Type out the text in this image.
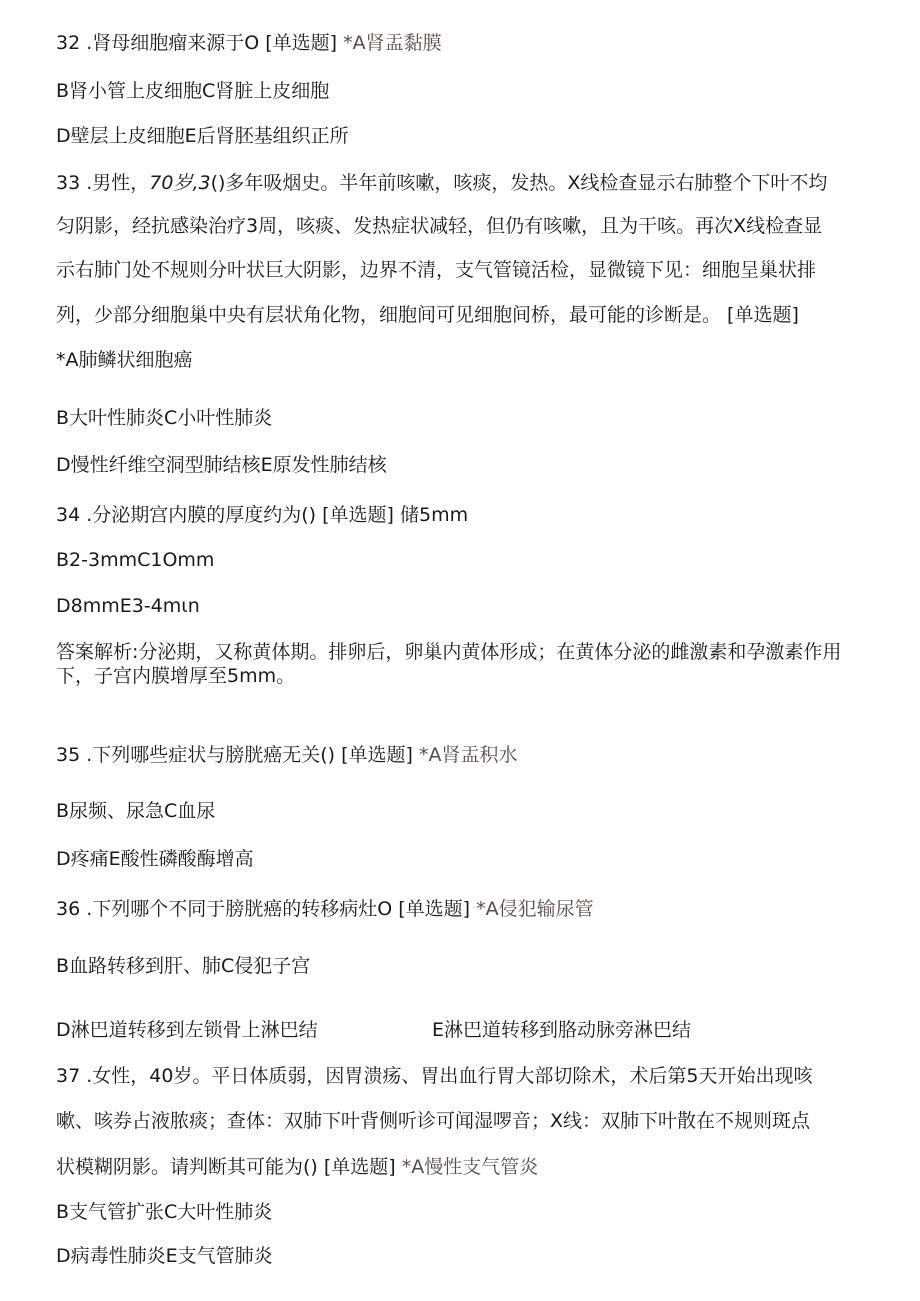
32 .肾母细胞瘤来源于O [单选题] *A肾盂黏膜
B肾小管上皮细胞C肾脏上皮细胞
D壁层上皮细胞E后肾胚基组织正所
33 .男性，70岁,3()多年吸烟史。半年前咳嗽，咳痰，发热。X线检查显示右肺整个下叶不均
匀阴影，经抗感染治疗3周，咳痰、发热症状减轻，但仍有咳嗽，且为干咳。再次X线检查显
示右肺门处不规则分叶状巨大阴影，边界不清，支气管镜活检，显微镜下见：细胞呈巢状排
列，少部分细胞巢中央有层状角化物，细胞间可见细胞间桥，最可能的诊断是。 [单选题]
*A肺鳞状细胞癌
B大叶性肺炎C小叶性肺炎
D慢性纤维空洞型肺结核E原发性肺结核
34 .分泌期宫内膜的厚度约为() [单选题] 储5mm
B2-3mmC1Omm
D8mmE3-4mιn
答案解析:分泌期，又称黄体期。排卵后，卵巢内黄体形成；在黄体分泌的雌激素和孕激素作用下，子宫内膜增厚至5mm。
35 .下列哪些症状与膀胱癌无关() [单选题] *A肾盂积水
B尿频、尿急C血尿
D疼痛E酸性磷酸酶增高
36 .下列哪个不同于膀胱癌的转移病灶O [单选题] *A侵犯输尿管
B血路转移到肝、肺C侵犯子宫
D淋巴道转移到左锁骨上淋巴结	E淋巴道转移到胳动脉旁淋巴结
37 .女性，40岁。平日体质弱，因胃溃疡、胃出血行胃大部切除术，术后第5天开始出现咳
嗽、咳券占液脓痰；查体：双肺下叶背侧听诊可闻湿啰音；X线：双肺下叶散在不规则斑点
状模糊阴影。请判断其可能为() [单选题] *A慢性支气管炎
B支气管扩张C大叶性肺炎
D病毒性肺炎E支气管肺炎
